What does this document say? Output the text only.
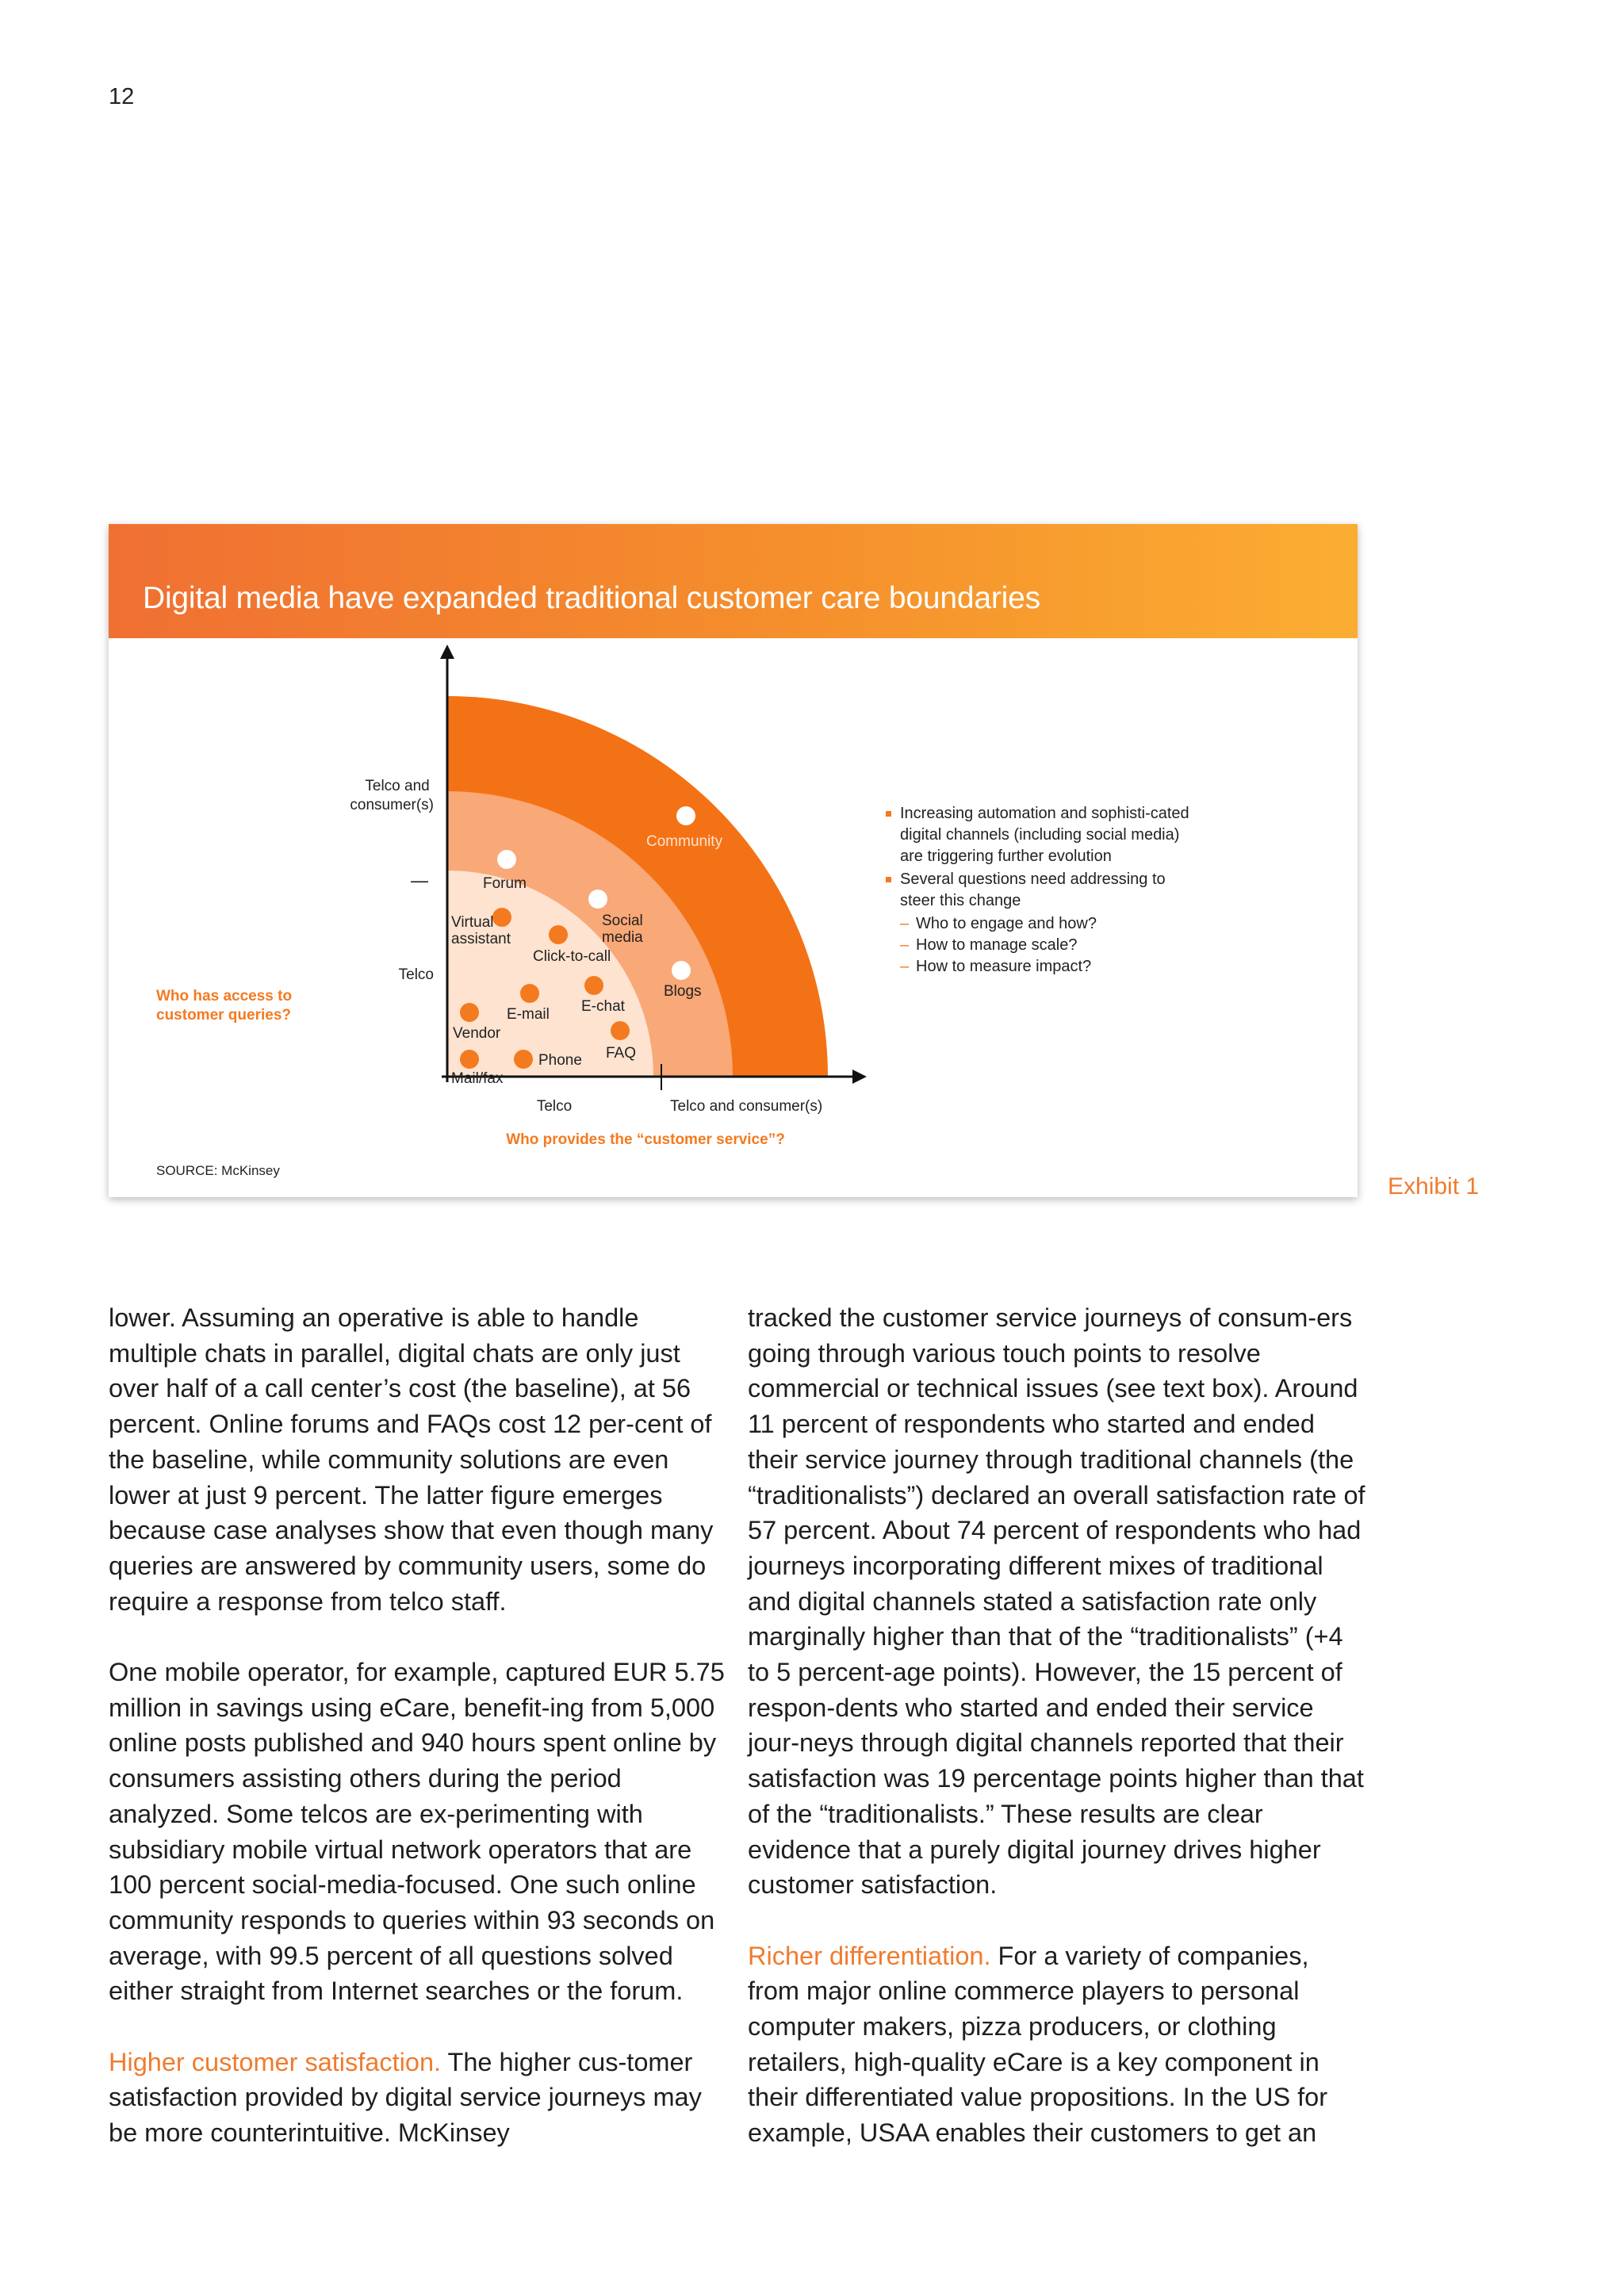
12
Digital media have expanded traditional customer care boundaries
Who has access to customer queries?
Telco and consumer(s)
—
Telco
Telco	Telco and consumer(s)
Who provides the “customer service”?
Mail/fax
Phone
Vendor
E-mail
FAQ
E-chat
Click-to-call
Virtual assistant
Forum
Social media
Blogs
Community
Increasing automation and sophisti-cated digital channels (including social media) are triggering further evolution
Several questions need addressing to steer this change
– Who to engage and how?
– How to manage scale?
– How to measure impact?
SOURCE: McKinsey
Exhibit 1

lower. Assuming an operative is able to handle multiple chats in parallel, digital chats are only just over half of a call center’s cost (the baseline), at 56 percent. Online forums and FAQs cost 12 per-cent of the baseline, while community solutions are even lower at just 9 percent. The latter figure emerges because case analyses show that even though many queries are answered by community users, some do require a response from telco staff.

One mobile operator, for example, captured EUR 5.75 million in savings using eCare, benefit-ing from 5,000 online posts published and 940 hours spent online by consumers assisting others during the period analyzed. Some telcos are ex-perimenting with subsidiary mobile virtual network operators that are 100 percent social-media-focused. One such online community responds to queries within 93 seconds on average, with 99.5 percent of all questions solved either straight from Internet searches or the forum.

Higher customer satisfaction. The higher cus-tomer satisfaction provided by digital service journeys may be more counterintuitive. McKinsey

tracked the customer service journeys of consum-ers going through various touch points to resolve commercial or technical issues (see text box). Around 11 percent of respondents who started and ended their service journey through traditional channels (the “traditionalists”) declared an overall satisfaction rate of 57 percent. About 74 percent of respondents who had journeys incorporating different mixes of traditional and digital channels stated a satisfaction rate only marginally higher than that of the “traditionalists” (+4 to 5 percent-age points). However, the 15 percent of respon-dents who started and ended their service jour-neys through digital channels reported that their satisfaction was 19 percentage points higher than that of the “traditionalists.” These results are clear evidence that a purely digital journey drives higher customer satisfaction.

Richer differentiation. For a variety of companies, from major online commerce players to personal computer makers, pizza producers, or clothing retailers, high-quality eCare is a key component in their differentiated value propositions. In the US for example, USAA enables their customers to get an
